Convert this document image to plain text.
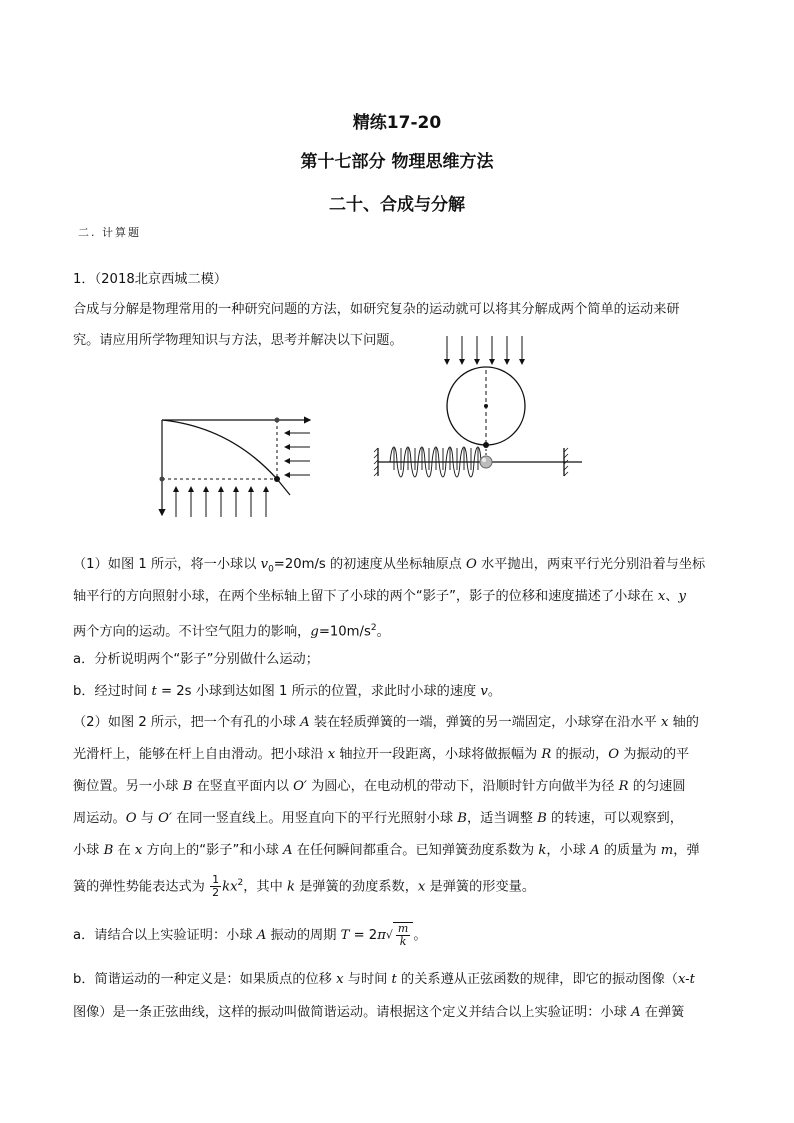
精练17-20
第十七部分 物理思维方法
二十、合成与分解
二. 计算题
1．（2018北京西城二模）
合成与分解是物理常用的一种研究问题的方法，如研究复杂的运动就可以将其分解成两个简单的运动来研
究。请应用所学物理知识与方法，思考并解决以下问题。
（1）如图 1 所示，将一小球以 $v_0=20m/s$ 的初速度从坐标轴原点 O 水平抛出，两束平行光分别沿着与坐标
轴平行的方向照射小球，在两个坐标轴上留下了小球的两个“影子”，影子的位移和速度描述了小球在 x、y
两个方向的运动。不计空气阻力的影响，$g=10m/s^2$。
a．分析说明两个“影子”分别做什么运动；
b．经过时间 t = 2s 小球到达如图 1 所示的位置，求此时小球的速度 v。
（2）如图 2 所示，把一个有孔的小球 A 装在轻质弹簧的一端，弹簧的另一端固定，小球穿在沿水平 x 轴的
光滑杆上，能够在杆上自由滑动。把小球沿 x 轴拉开一段距离，小球将做振幅为 R 的振动，O 为振动的平
衡位置。另一小球 B 在竖直平面内以 O′ 为圆心，在电动机的带动下，沿顺时针方向做半为径 R 的匀速圆
周运动。O 与 O′ 在同一竖直线上。用竖直向下的平行光照射小球 B，适当调整 B 的转速，可以观察到，
小球 B 在 x 方向上的“影子”和小球 A 在任何瞬间都重合。已知弹簧劲度系数为 k，小球 A 的质量为 m，弹
簧的弹性势能表达式为 $\frac{1}{2} kx^2$，其中 k 是弹簧的劲度系数，x 是弹簧的形变量。
a．请结合以上实验证明：小球 A 振动的周期 $T = 2\pi√ \frac{m}{k}$ 。
b．简谐运动的一种定义是：如果质点的位移 x 与时间 t 的关系遵从正弦函数的规律，即它的振动图像（x-t
图像）是一条正弦曲线，这样的振动叫做简谐运动。请根据这个定义并结合以上实验证明：小球 A 在弹簧
